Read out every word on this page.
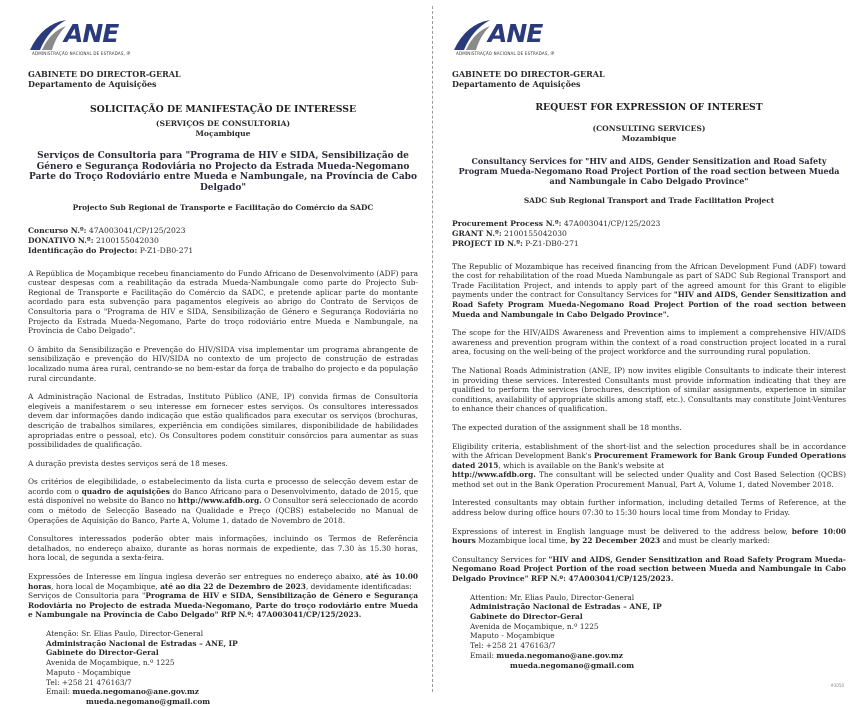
ANE
ADMINISTRAÇÃO NACIONAL DE ESTRADAS, IP
GABINETE DO DIRECTOR-GERAL
Departamento de Aquisições
SOLICITAÇÃO DE MANIFESTAÇÃO DE INTERESSE
(SERVIÇOS DE CONSULTORIA)
Moçambique
Serviços de Consultoria para "Programa de HIV e SIDA, Sensibilização de Género e Segurança Rodoviária no Projecto da Estrada Mueda-Negomano Parte do Troço Rodoviário entre Mueda e Nambungale, na Província de Cabo Delgado"
Projecto Sub Regional de Transporte e Facilitação do Comércio da SADC
Concurso N.º: 47A003041/CP/125/2023
DONATIVO N.º: 2100155042030
Identificação do Projecto: P-Z1-DB0-271

A República de Moçambique recebeu financiamento do Fundo Africano de Desenvolvimento (ADF) para custear despesas com a reabilitação da estrada Mueda-Nambungale como parte do Projecto Sub-Regional de Transporte e Facilitação do Comércio da SADC, e pretende aplicar parte do montante acordado para esta subvenção para pagamentos elegíveis ao abrigo do Contrato de Serviços de Consultoria para o "Programa de HIV e SIDA, Sensibilização de Género e Segurança Rodoviária no Projecto da Estrada Mueda-Negomano, Parte do troço rodoviário entre Mueda e Nambungale, na Província de Cabo Delgado".

O âmbito da Sensibilização e Prevenção do HIV/SIDA visa implementar um programa abrangente de sensibilização e prevenção do HIV/SIDA no contexto de um projecto de construção de estradas localizado numa área rural, centrando-se no bem-estar da força de trabalho do projecto e da população rural circundante.

A Administração Nacional de Estradas, Instituto Público (ANE, IP) convida firmas de Consultoria elegíveis a manifestarem o seu interesse em fornecer estes serviços. Os consultores interessados devem dar informações dando indicação que estão qualificados para executar os serviços (brochuras, descrição de trabalhos similares, experiência em condições similares, disponibilidade de habilidades apropriadas entre o pessoal, etc). Os Consultores podem constituir consórcios para aumentar as suas possibilidades de qualificação.

A duração prevista destes serviços será de 18 meses.

Os critérios de elegibilidade, o estabelecimento da lista curta e processo de selecção devem estar de acordo com o quadro de aquisições do Banco Africano para o Desenvolvimento, datado de 2015, que está disponível no website do Banco no http://www.afdb.org. O Consultor será seleccionado de acordo com o método de Selecção Baseado na Qualidade e Preço (QCBS) estabelecido no Manual de Operações de Aquisição do Banco, Parte A, Volume 1, datado de Novembro de 2018.

Consultores interessados poderão obter mais informações, incluindo os Termos de Referência detalhados, no endereço abaixo, durante as horas normais de expediente, das 7.30 às 15.30 horas, hora local, de segunda a sexta-feira.

Expressões de Interesse em língua inglesa deverão ser entregues no endereço abaixo, até às 10.00 horas, hora local de Moçambique, até ao dia 22 de Dezembro de 2023, devidamente identificadas:

Serviços de Consultoria para "Programa de HIV e SIDA, Sensibilização de Género e Segurança Rodoviária no Projecto de estrada Mueda-Negomano, Parte do troço rodoviário entre Mueda e Nambungale na Província de Cabo Delgado" RfP N.º: 47A003041/CP/125/2023.

Atenção: Sr. Elias Paulo, Director-General
Administração Nacional de Estradas – ANE, IP
Gabinete do Director-Geral
Avenida de Moçambique, n.º 1225
Maputo - Moçambique
Tel: +258 21 476163/7
Email: mueda.negomano@ane.gov.mz
mueda.negomano@gmail.com
ANE
ADMINISTRAÇÃO NACIONAL DE ESTRADAS, IP
GABINETE DO DIRECTOR-GERAL
Departamento de Aquisições
REQUEST FOR EXPRESSION OF INTEREST
(CONSULTING SERVICES)
Mozambique
Consultancy Services for "HIV and AIDS, Gender Sensitization and Road Safety Program Mueda-Negomano Road Project Portion of the road section between Mueda and Nambungale in Cabo Delgado Province"
SADC Sub Regional Transport and Trade Facilitation Project
Procurement Process N.º: 47A003041/CP/125/2023
GRANT N.º: 2100155042030
PROJECT ID N.º: P-Z1-DB0-271

The Republic of Mozambique has received financing from the African Development Fund (ADF) toward the cost for rehabilitation of the road Mueda Nambungale as part of SADC Sub Regional Transport and Trade Facilitation Project, and intends to apply part of the agreed amount for this Grant to eligible payments under the contract for Consultancy Services for "HIV and AIDS, Gender Sensitization and Road Safety Program Mueda-Negomano Road Project Portion of the road section between Mueda and Nambungale in Cabo Delgado Province".

The scope for the HIV/AIDS Awareness and Prevention aims to implement a comprehensive HIV/AIDS awareness and prevention program within the context of a road construction project located in a rural area, focusing on the well-being of the project workforce and the surrounding rural population.

The National Roads Administration (ANE, IP) now invites eligible Consultants to indicate their interest in providing these services. Interested Consultants must provide information indicating that they are qualified to perform the services (brochures, description of similar assignments, experience in similar conditions, availability of appropriate skills among staff, etc.). Consultants may constitute Joint-Ventures to enhance their chances of qualification.

The expected duration of the assignment shall be 18 months.

Eligibility criteria, establishment of the short-list and the selection procedures shall be in accordance with the African Development Bank's Procurement Framework for Bank Group Funded Operations dated 2015, which is available on the Bank's website at
http://www.afdb.org. The consultant will be selected under Quality and Cost Based Selection (QCBS) method set out in the Bank Operation Procurement Manual, Part A, Volume 1, dated November 2018.

Interested consultants may obtain further information, including detailed Terms of Reference, at the address below during office hours 07:30 to 15:30 hours local time from Monday to Friday.

Expressions of interest in English language must be delivered to the address below, before 10:00 hours Mozambique local time, by 22 December 2023 and must be clearly marked:

Consultancy Services for "HIV and AIDS, Gender Sensitization and Road Safety Program Mueda-Negomano Road Project Portion of the road section between Mueda and Nambungale in Cabo Delgado Province" RFP N.º: 47A003041/CP/125/2023.

Attention: Mr. Elias Paulo, Director-General
Administração Nacional de Estradas – ANE, IP
Gabinete do Director-Geral
Avenida de Moçambique, n.º 1225
Maputo - Moçambique
Tel: +258 21 476163/7
Email: mueda.negomano@ane.gov.mz
mueda.negomano@gmail.com
#3050
